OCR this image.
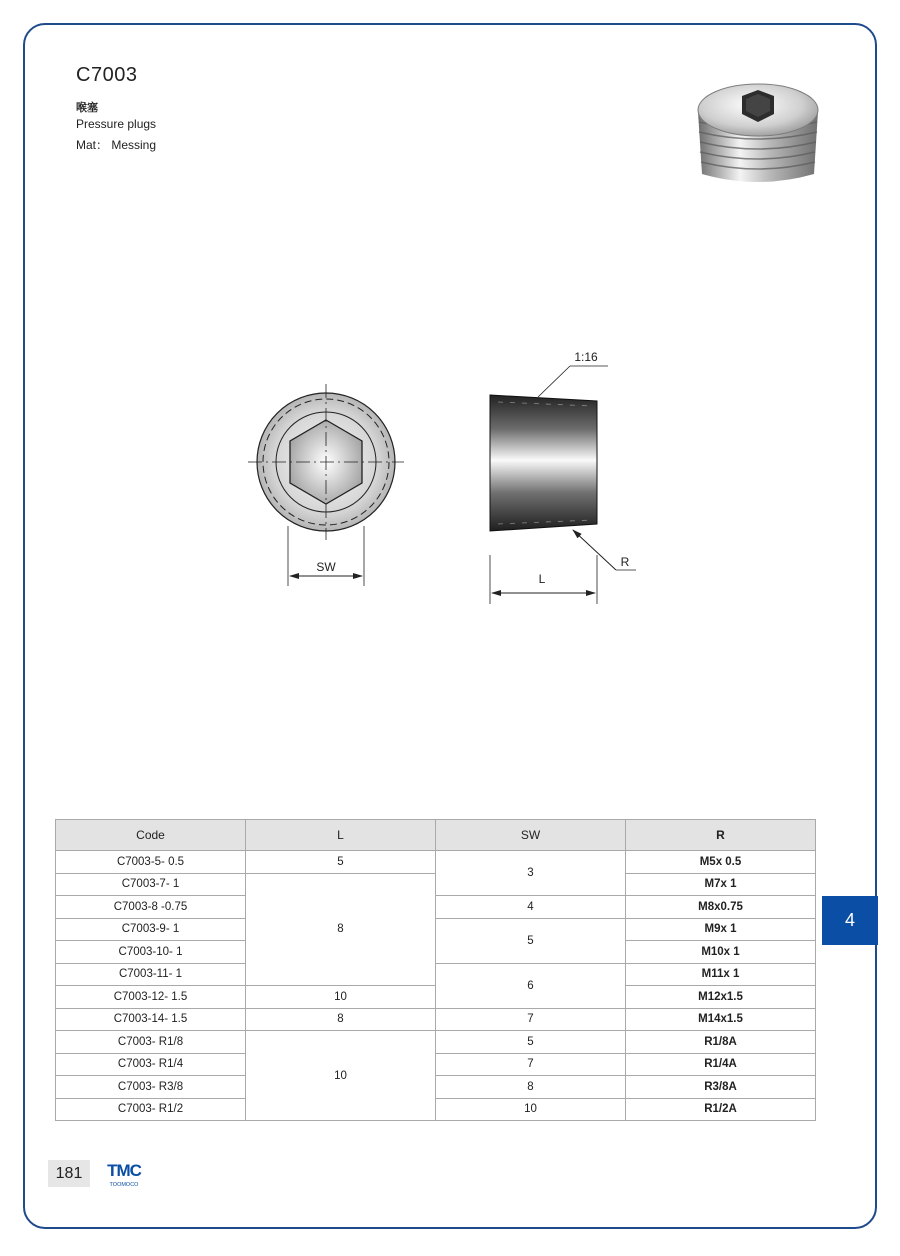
C7003
喉塞
Pressure plugs
Mat： Messing
SW
1:16
R
L
Code	L	SW	R
C7003-5- 0.5	5	3	M5x 0.5
C7003-7- 1	8		M7x 1
C7003-8 -0.75		4	M8x0.75
C7003-9- 1		5	M9x 1
C7003-10- 1			M10x 1
C7003-11- 1		6	M11x 1
C7003-12- 1.5	10		M12x1.5
C7003-14- 1.5	8	7	M14x1.5
C7003- R1/8	10	5	R1/8A
C7003- R1/4		7	R1/4A
C7003- R3/8		8	R3/8A
C7003- R1/2		10	R1/2A
4
181	TMC
TOOMOCO
